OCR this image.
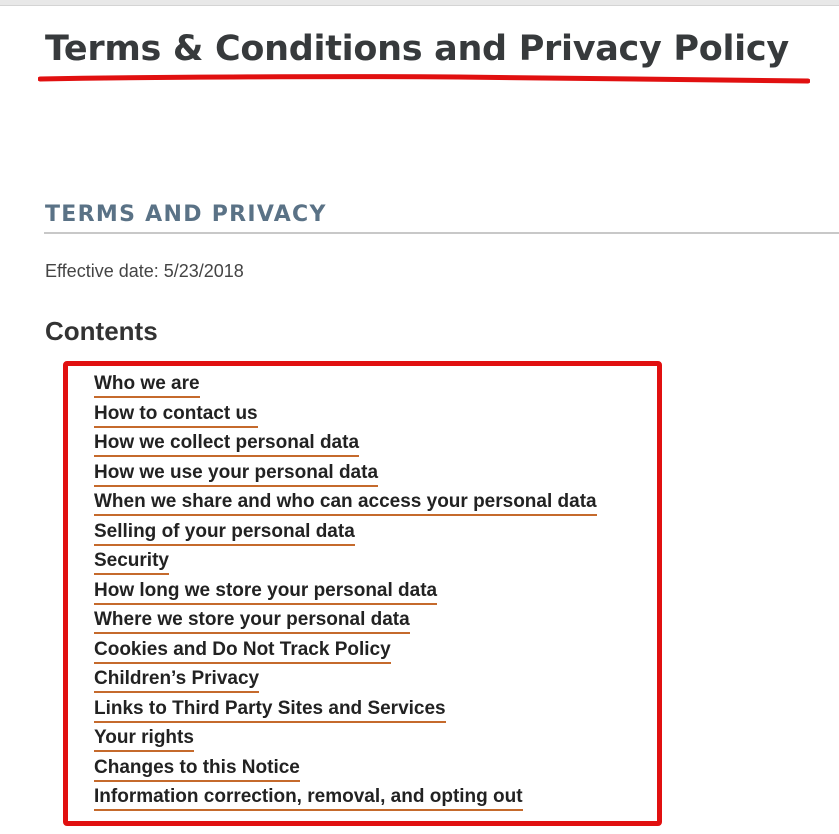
Terms & Conditions and Privacy Policy
TERMS AND PRIVACY
Effective date: 5/23/2018
Contents
Who we are
How to contact us
How we collect personal data
How we use your personal data
When we share and who can access your personal data
Selling of your personal data
Security
How long we store your personal data
Where we store your personal data
Cookies and Do Not Track Policy
Children’s Privacy
Links to Third Party Sites and Services
Your rights
Changes to this Notice
Information correction, removal, and opting out
